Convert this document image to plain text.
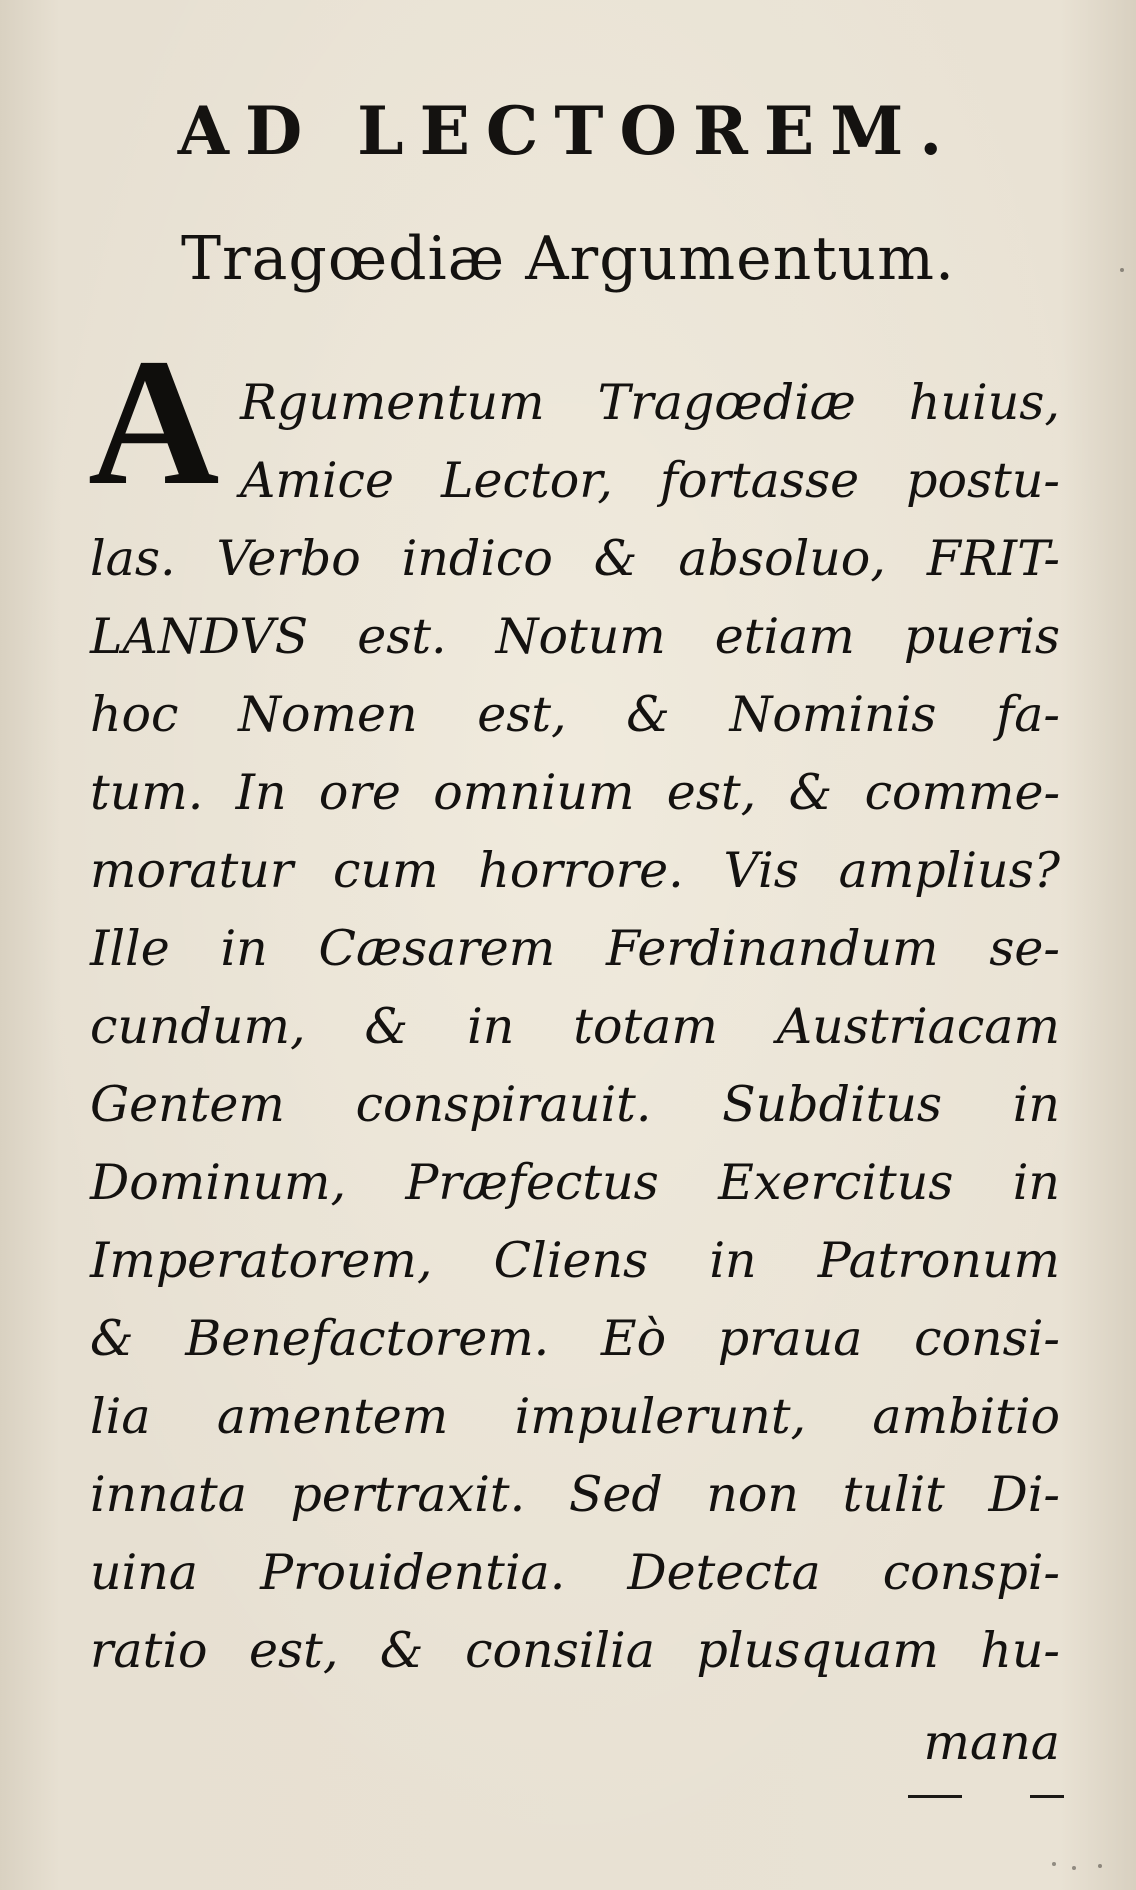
AD LECTOREM.
Tragœdiæ Argumentum.
A Rgumentum Tragœdiæ huius,
Amice Lector, fortasse postu-
las. Verbo indico & absoluo, FRIT-
LANDVS est. Notum etiam pueris
hoc Nomen est, & Nominis fa-
tum. In ore omnium est, & comme-
moratur cum horrore. Vis amplius?
Ille in Cæsarem Ferdinandum se-
cundum, & in totam Austriacam
Gentem conspirauit. Subditus in
Dominum, Præfectus Exercitus in
Imperatorem, Cliens in Patronum
& Benefactorem. Eò praua consi-
lia amentem impulerunt, ambitio
innata pertraxit. Sed non tulit Di-
uina Prouidentia. Detecta conspi-
ratio est, & consilia plusquam hu-
mana
